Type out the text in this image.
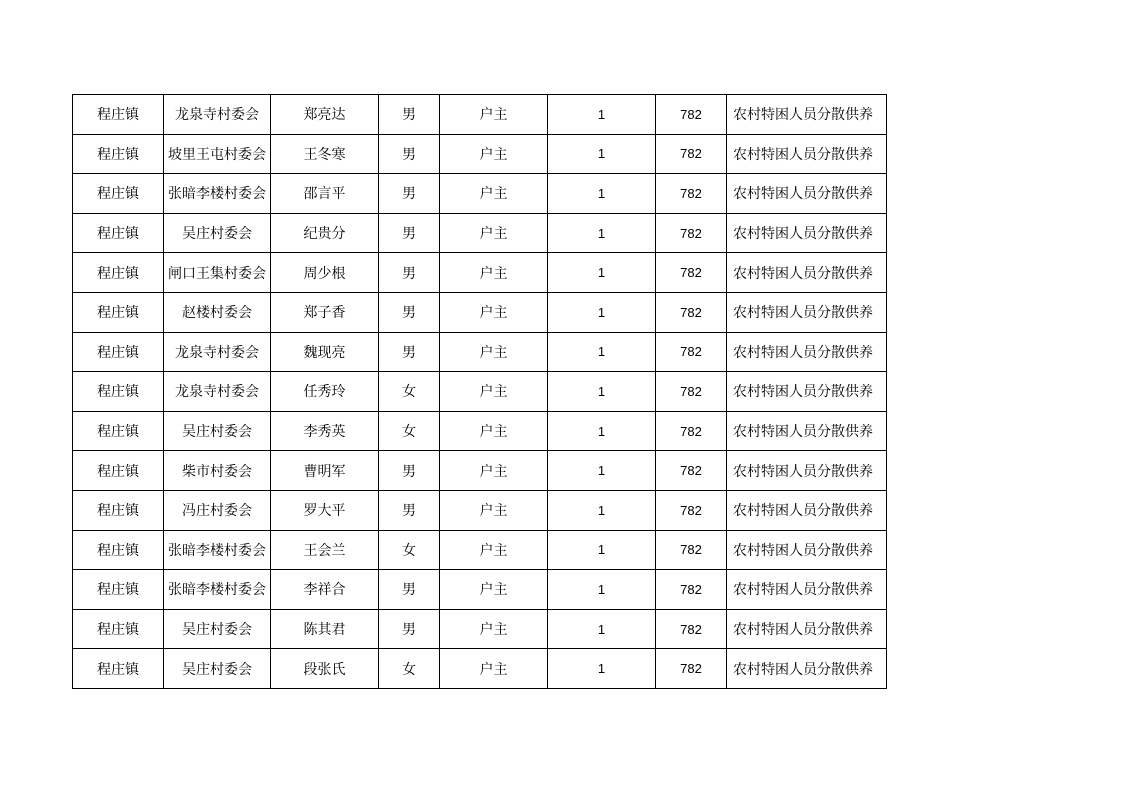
程庄镇	龙泉寺村委会	郑亮达	男	户主	1	782	农村特困人员分散供养
程庄镇	坡里王屯村委会	王冬寒	男	户主	1	782	农村特困人员分散供养
程庄镇	张暗李楼村委会	邵言平	男	户主	1	782	农村特困人员分散供养
程庄镇	吴庄村委会	纪贵分	男	户主	1	782	农村特困人员分散供养
程庄镇	闸口王集村委会	周少根	男	户主	1	782	农村特困人员分散供养
程庄镇	赵楼村委会	郑子香	男	户主	1	782	农村特困人员分散供养
程庄镇	龙泉寺村委会	魏现亮	男	户主	1	782	农村特困人员分散供养
程庄镇	龙泉寺村委会	任秀玲	女	户主	1	782	农村特困人员分散供养
程庄镇	吴庄村委会	李秀英	女	户主	1	782	农村特困人员分散供养
程庄镇	柴市村委会	曹明军	男	户主	1	782	农村特困人员分散供养
程庄镇	冯庄村委会	罗大平	男	户主	1	782	农村特困人员分散供养
程庄镇	张暗李楼村委会	王会兰	女	户主	1	782	农村特困人员分散供养
程庄镇	张暗李楼村委会	李祥合	男	户主	1	782	农村特困人员分散供养
程庄镇	吴庄村委会	陈其君	男	户主	1	782	农村特困人员分散供养
程庄镇	吴庄村委会	段张氏	女	户主	1	782	农村特困人员分散供养
